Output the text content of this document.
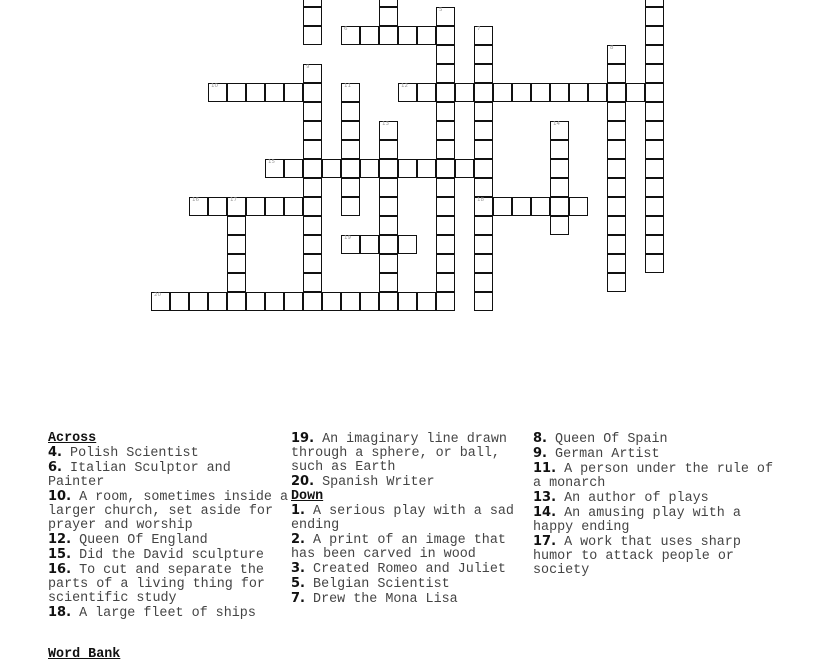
5
6	7
18
8
9
10	11	12
13	14
15
16	17
19
20
Across
4. Polish Scientist
6. Italian Sculptor and Painter
10. A room, sometimes inside a larger church, set aside for prayer and worship
12. Queen Of England
15. Did the David sculpture
16. To cut and separate the parts of a living thing for scientific study
18. A large fleet of ships
19. An imaginary line drawn through a sphere, or ball, such as Earth
20. Spanish Writer
Down
1. A serious play with a sad ending
2. A print of an image that has been carved in wood
3. Created Romeo and Juliet
5. Belgian Scientist
7. Drew the Mona Lisa
8. Queen Of Spain
9. German Artist
11. A person under the rule of a monarch
13. An author of plays
14. An amusing play with a happy ending
17. A work that uses sharp humor to attack people or society
Word Bank
